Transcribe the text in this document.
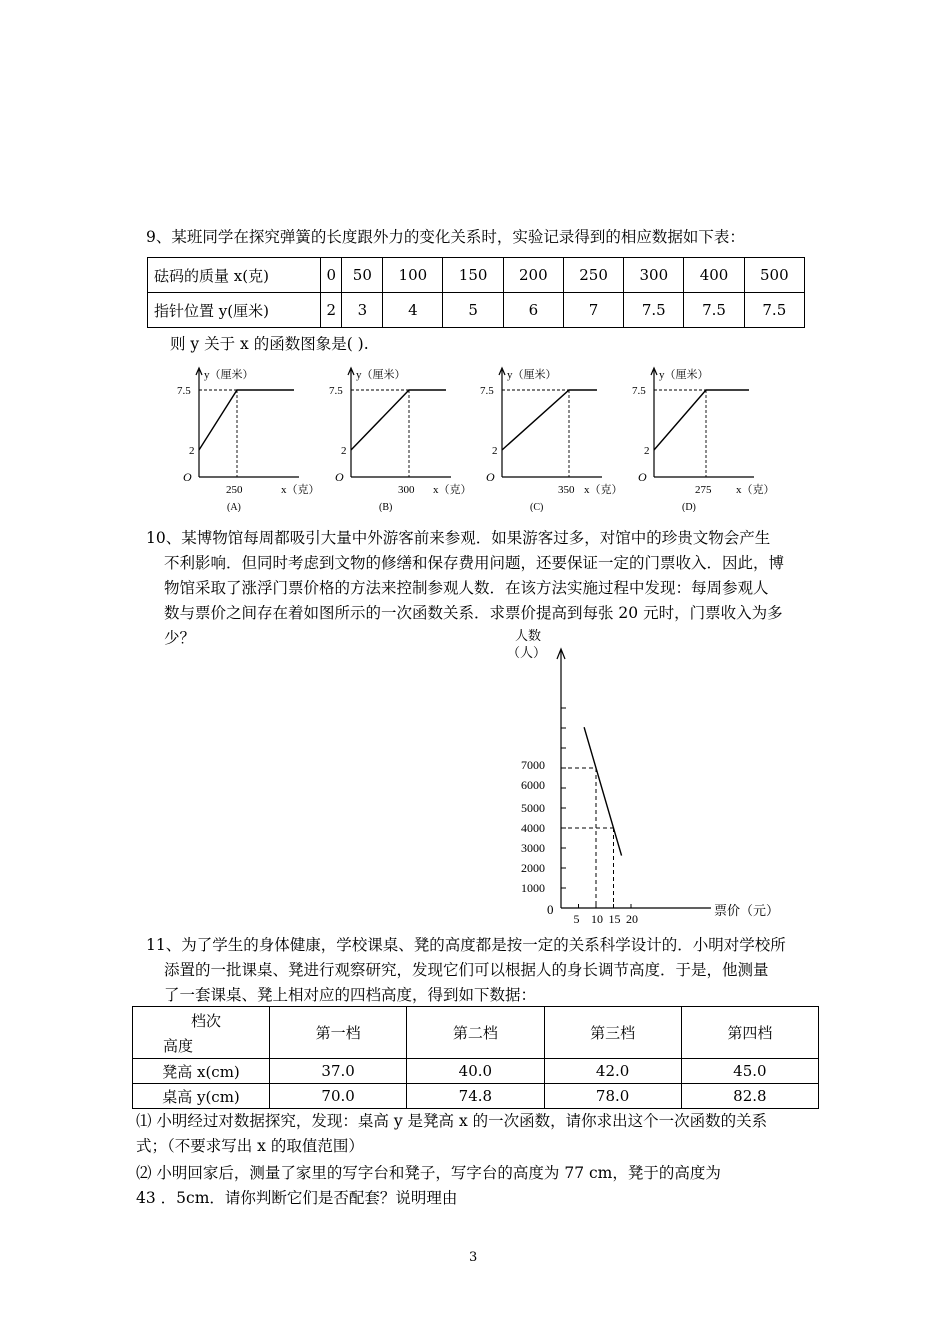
9、某班同学在探究弹簧的长度跟外力的变化关系时，实验记录得到的相应数据如下表：
砝码的质量 x(克)	0	50	100	150	200	250	300	400	500
指针位置 y(厘米)	2	3	4	5	6	7	7.5	7.5	7.5
则 y 关于 x 的函数图象是( ).
y（厘米）
7.5
2
O
250	x（克）
(A)
y（厘米）
7.5
2
O
300 x（克）
(B)
y（厘米）
7.5
2
O
350 x（克）
(C)
y（厘米）
7.5
2
O
275 x（克）
(D)
10、某博物馆每周都吸引大量中外游客前来参观．如果游客过多，对馆中的珍贵文物会产生
不利影响．但同时考虑到文物的修缮和保存费用问题，还要保证一定的门票收入．因此，博
物馆采取了涨浮门票价格的方法来控制参观人数．在该方法实施过程中发现：每周参观人
数与票价之间存在着如图所示的一次函数关系．求票价提高到每张 20 元时，门票收入为多
少？	人数
（人）
票价（元）
0
7000
6000
5000
4000
3000
2000
1000
5 10 15 20
11、为了学生的身体健康，学校课桌、凳的高度都是按一定的关系科学设计的．小明对学校所
添置的一批课桌、凳进行观察研究，发现它们可以根据人的身长调节高度．于是，他测量
了一套课桌、凳上相对应的四档高度，得到如下数据：
档次
高度	第一档	第二档	第三档	第四档
凳高 x(cm)	37.0	40.0	42.0	45.0
桌高 y(cm)	70.0	74.8	78.0	82.8
⑴ 小明经过对数据探究，发现：桌高 y 是凳高 x 的一次函数，请你求出这个一次函数的关系
式；（不要求写出 x 的取值范围）
⑵ 小明回家后，测量了家里的写字台和凳子，写字台的高度为 77 cm，凳于的高度为
43 ．5cm．请你判断它们是否配套？说明理由
3
